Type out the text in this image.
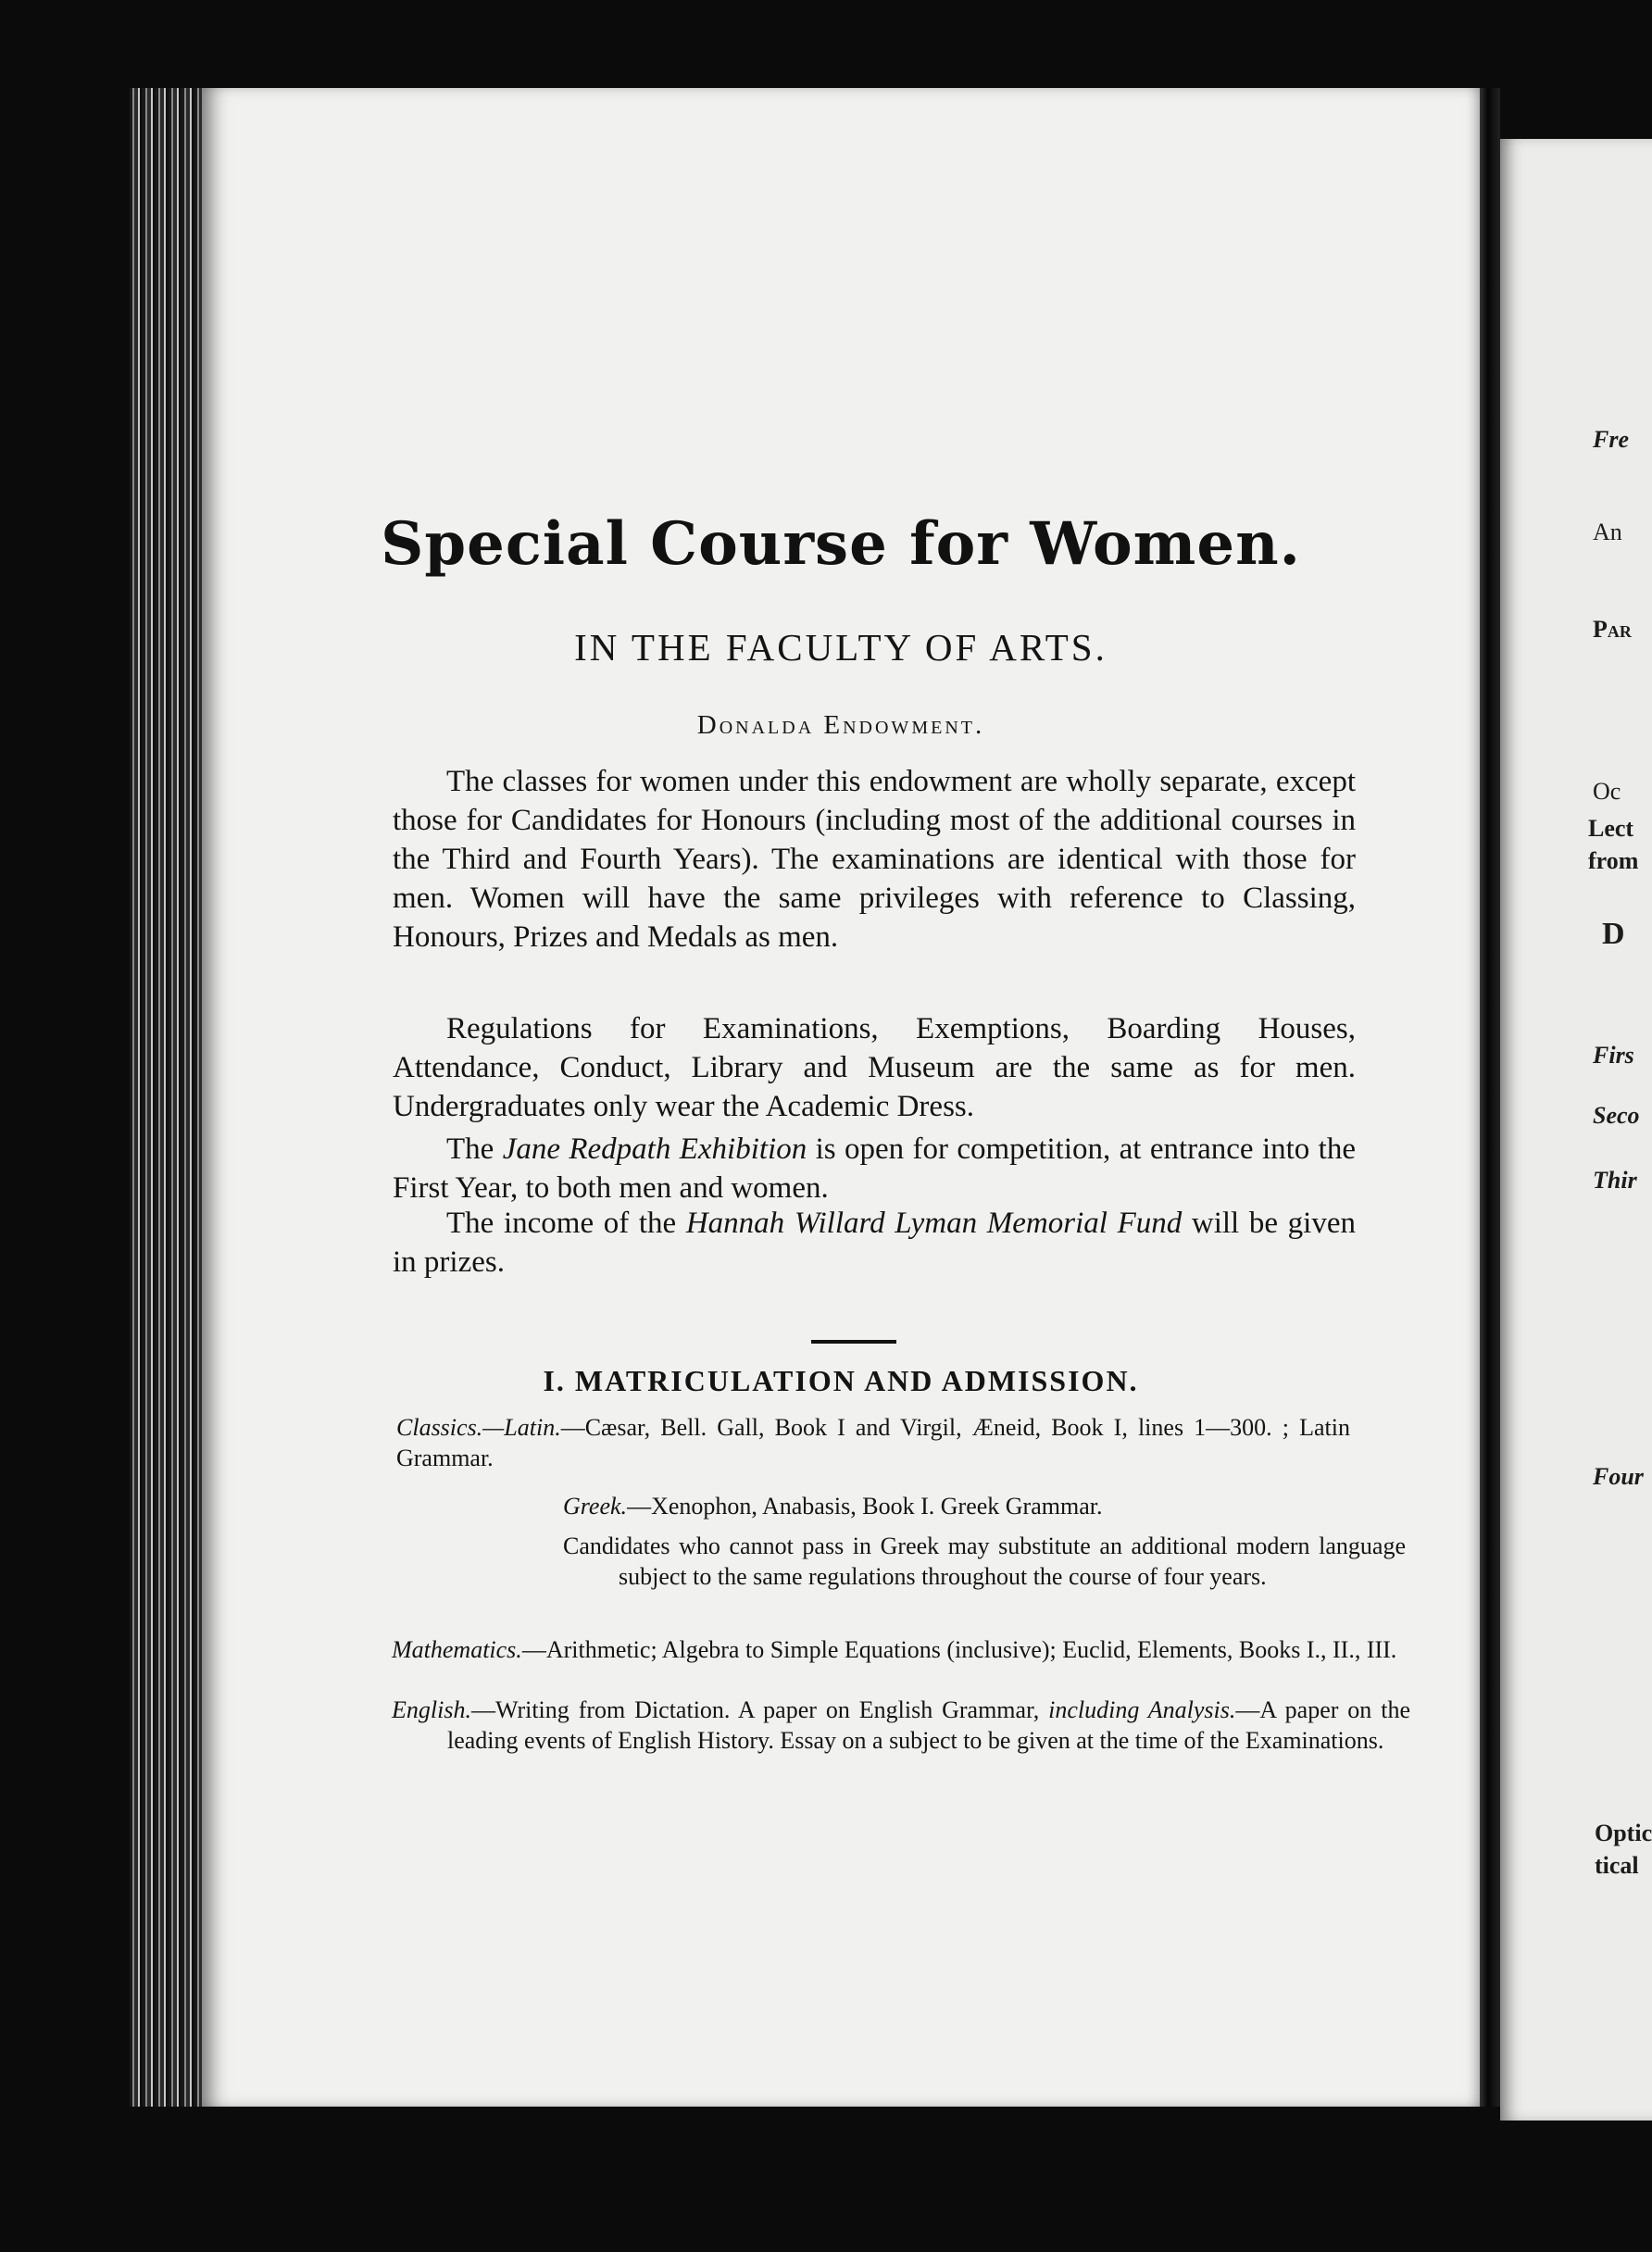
Special Course for Women.
IN THE FACULTY OF ARTS.
Donalda Endowment.
The classes for women under this endowment are wholly separate, except those for Candidates for Honours (including most of the additional courses in the Third and Fourth Years). The examinations are identical with those for men. Women will have the same privileges with reference to Classing, Honours, Prizes and Medals as men.
Regulations for Examinations, Exemptions, Boarding Houses, Attendance, Conduct, Library and Museum are the same as for men. Undergraduates only wear the Academic Dress.
The Jane Redpath Exhibition is open for competition, at entrance into the First Year, to both men and women.
The income of the Hannah Willard Lyman Memorial Fund will be given in prizes.
I. MATRICULATION AND ADMISSION.
Classics.—Latin.—Cæsar, Bell. Gall, Book I and Virgil, Æneid, Book I, lines 1—300. ; Latin Grammar.
Greek.—Xenophon, Anabasis, Book I. Greek Grammar.
Candidates who cannot pass in Greek may substitute an additional modern language subject to the same regulations throughout the course of four years.
Mathematics.—Arithmetic; Algebra to Simple Equations (inclusive); Euclid, Elements, Books I., II., III.
English.—Writing from Dictation. A paper on English Grammar, including Analysis.—A paper on the leading events of English History. Essay on a subject to be given at the time of the Examinations.
Fre
An
Par
Oc
Lect
from
D
Firs
Seco
Thir
Four
Optic
tical
